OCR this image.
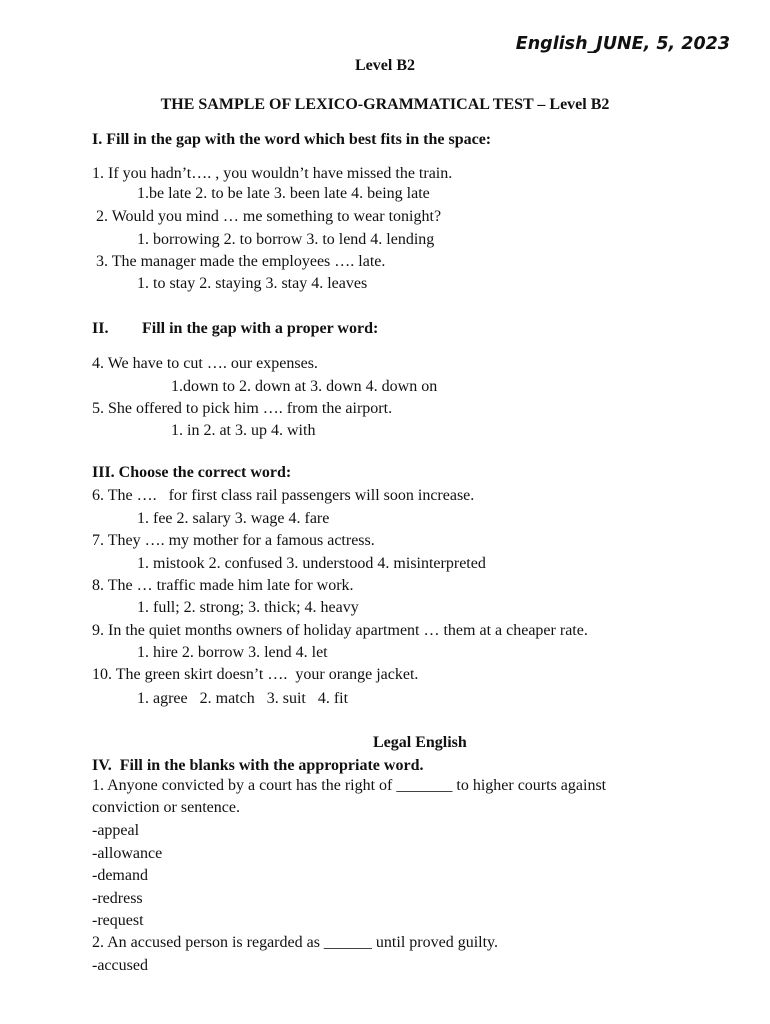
English_JUNE, 5, 2023
Level B2
THE SAMPLE OF LEXICO-GRAMMATICAL TEST – Level B2
I. Fill in the gap with the word which best fits in the space:
1. If you hadn’t…. , you wouldn’t have missed the train.
1.be late 2. to be late 3. been late 4. being late
2. Would you mind … me something to wear tonight?
1. borrowing 2. to borrow 3. to lend 4. lending
3. The manager made the employees …. late.
1. to stay 2. staying 3. stay 4. leaves
II. Fill in the gap with a proper word:
4. We have to cut …. our expenses.
1.down to 2. down at 3. down 4. down on
5. She offered to pick him …. from the airport.
1. in 2. at 3. up 4. with
III. Choose the correct word:
6. The ….   for first class rail passengers will soon increase.
1. fee 2. salary 3. wage 4. fare
7. They …. my mother for a famous actress.
1. mistook 2. confused 3. understood 4. misinterpreted
8. The … traffic made him late for work.
1. full; 2. strong; 3. thick; 4. heavy
9. In the quiet months owners of holiday apartment … them at a cheaper rate.
1. hire 2. borrow 3. lend 4. let
10. The green skirt doesn’t ….  your orange jacket.
1. agree   2. match   3. suit   4. fit
Legal English
IV.  Fill in the blanks with the appropriate word.
1. Anyone convicted by a court has the right of _______ to higher courts against
conviction or sentence.
-appeal
-allowance
-demand
-redress
-request
2. An accused person is regarded as ______ until proved guilty.
-accused
